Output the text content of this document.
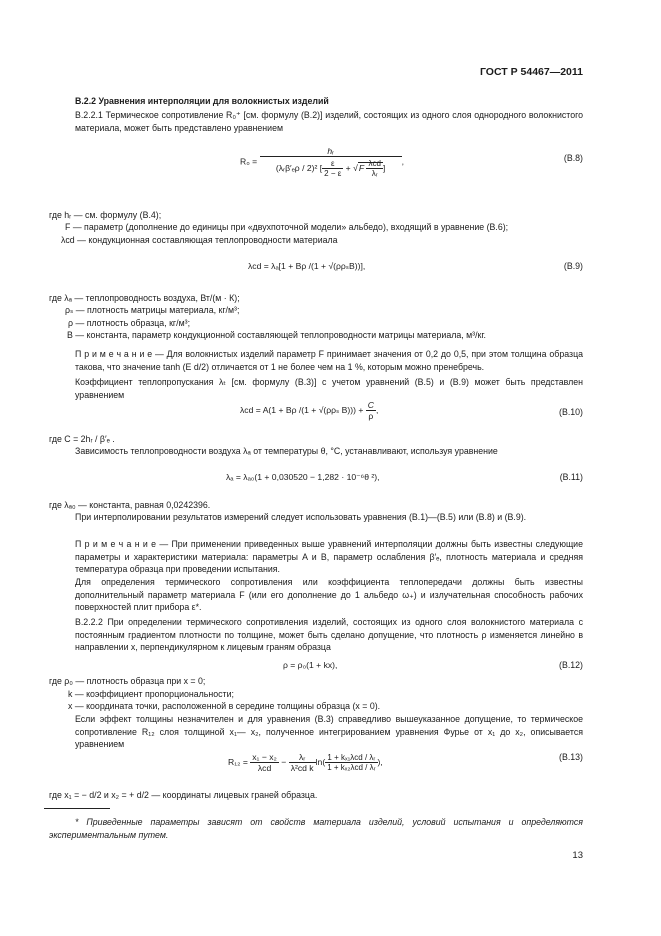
ГОСТ Р 54467—2011
B.2.2 Уравнения интерполяции для волокнистых изделий
B.2.2.1 Термическое сопротивление R₀⁺ [см. формулу (В.2)] изделий, состоящих из одного слоя однородного волокнистого материала, может быть представлено уравнением
$R_0 = \frac{\text{hᵣ}}{(\lambda ᵣ\beta'_e\rho / 2)^2 [ \frac{\varepsilon}{2 - \varepsilon} + √F \frac{\text{λcd}}{\text{λᵣ}} ]}$ ,	(В.8)
где hᵣ — см. формулу (В.4);
F — параметр (дополнение до единицы при «двухпоточной модели» альбедо), входящий в уравнение (В.6);
λcd — кондукционная составляющая теплопроводности материала
λcd = λₐ[1 + Bρ /(1 + √(ρρₛB))],	(В.9)
где λₐ — теплопроводность воздуха, Вт/(м · К);
ρₛ — плотность матрицы материала, кг/м³;
ρ — плотность образца, кг/м³;
B — константа, параметр кондукционной составляющей теплопроводности матрицы материала, м³/кг.
П р и м е ч а н и е — Для волокнистых изделий параметр F принимает значения от 0,2 до 0,5, при этом толщина образца такова, что значение tanh (E d/2) отличается от 1 не более чем на 1 %, которым можно пренебречь.
Коэффициент теплопропускания λₜ [см. формулу (В.3)] с учетом уравнений (В.5) и (В.9) может быть представлен уравнением
λcd = A(1 + Bρ /(1 + √(ρρₛ $B))) + \frac{C}{\rho}$ ,	(В.10)
где C = 2hᵣ / β′ₑ .
Зависимость теплопроводности воздуха λₐ от температуры θ, °С, устанавливают, используя уравнение
λₐ = λₐ₀(1 + 0,030520 − 1,282 · 10⁻⁶θ ²),	(В.11)
где λₐ₀ — константа, равная 0,0242396.
При интерполировании результатов измерений следует использовать уравнения (В.1)—(В.5) или (В.8) и (В.9).
П р и м е ч а н и е — При применении приведенных выше уравнений интерполяции должны быть известны следующие параметры и характеристики материала: параметры A и B, параметр ослабления β′ₑ, плотность материала и средняя температура образца при проведении испытания.
Для определения термического сопротивления или коэффициента теплопередачи должны быть известны дополнительный параметр материала F (или его дополнение до 1 альбедо ω₊) и излучательная способность рабочих поверхностей плит прибора ε*.
B.2.2.2 При определении термического сопротивления изделий, состоящих из одного слоя волокнистого материала с постоянным градиентом плотности по толщине, может быть сделано допущение, что плотность ρ изменяется линейно в направлении x, перпендикулярном к лицевым граням образца
ρ = ρ₀(1 + kx),	(В.12)
где ρ₀ — плотность образца при x = 0;
k — коэффициент пропорциональности;
x — координата точки, расположенной в середине толщины образца (x = 0).
Если эффект толщины незначителен и для уравнения (В.3) справедливо вышеуказанное допущение, то термическое сопротивление R₁₂ слоя толщиной x₁— x₂, полученное интегрированием уравнения Фурье от x₁ до x₂, описывается уравнением
$R_{12} = \frac{\text{x₁ − x₂}}{\text{λcd}} - \frac{\text{λᵣ}}{\text{λ²cd k}} \ln( \frac{\text{1 + kₓ₁λcd / λᵣ}}{\text{1 + kₓ₂λcd / λᵣ}}$ ),	(В.13)
где x₁ = − d/2 и x₂ = + d/2 — координаты лицевых граней образца.
* Приведенные параметры зависят от свойств материала изделий, условий испытания и определяются экспериментальным путем.
13
